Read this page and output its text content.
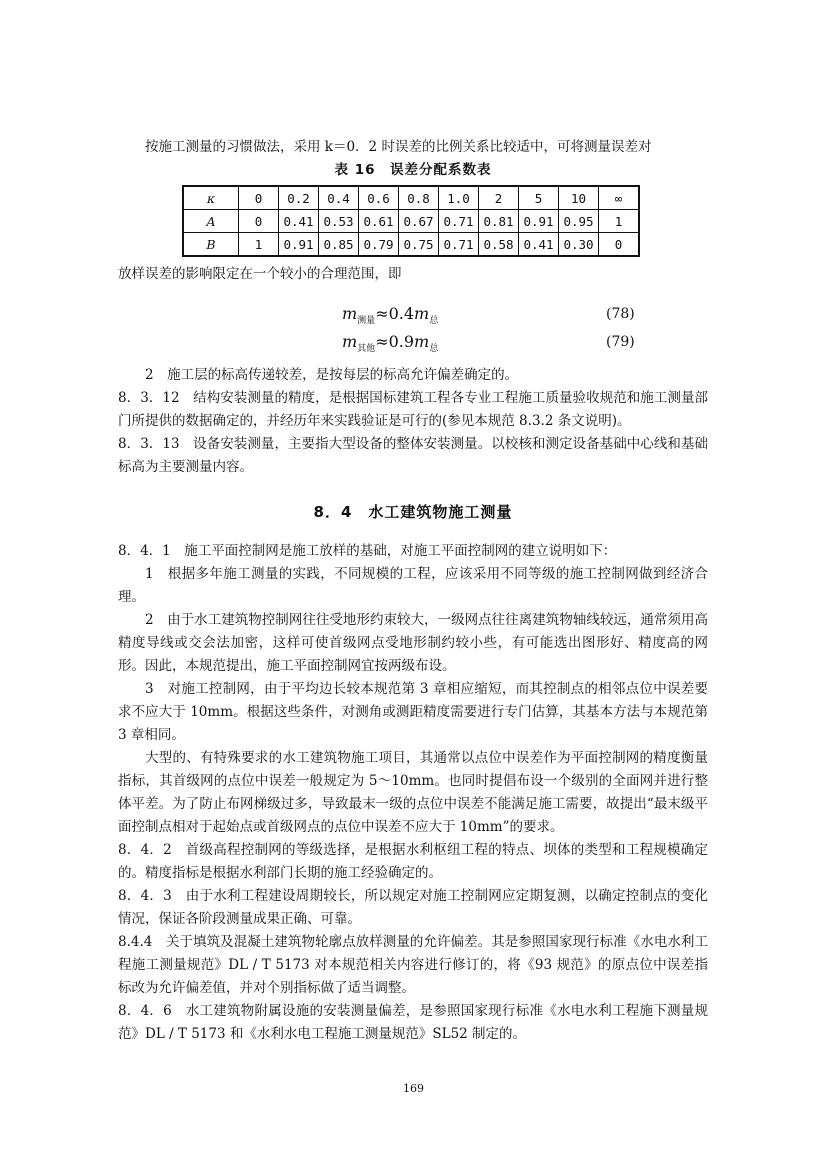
按施工测量的习惯做法，采用 k＝0．2 时误差的比例关系比较适中，可将测量误差对

表 16　误差分配系数表

κ	0	0.2	0.4	0.6	0.8	1.0	2	5	10	∞
A	0	0.41	0.53	0.61	0.67	0.71	0.81	0.91	0.95	1
B	1	0.91	0.85	0.79	0.75	0.71	0.58	0.41	0.30	0

放样误差的影响限定在一个较小的合理范围，即

$m_{测量}\approx 0.4m_总$	(78)
$m_{其他}\approx 0.9m_总$	(79)

2　施工层的标高传递较差，是按每层的标高允许偏差确定的。

8．3．12　结构安装测量的精度，是根据国标建筑工程各专业工程施工质量验收规范和施工测量部门所提供的数据确定的，并经历年来实践验证是可行的(参见本规范 8.3.2 条文说明)。

8．3．13　设备安装测量，主要指大型设备的整体安装测量。以校核和测定设备基础中心线和基础标高为主要测量内容。

8．4　水工建筑物施工测量

8．4．1　施工平面控制网是施工放样的基础，对施工平面控制网的建立说明如下：

1　根据多年施工测量的实践，不同规模的工程，应该采用不同等级的施工控制网做到经济合理。

2　由于水工建筑物控制网往往受地形约束较大，一级网点往往离建筑物轴线较远，通常须用高精度导线或交会法加密，这样可使首级网点受地形制约较小些，有可能选出图形好、精度高的网形。因此，本规范提出，施工平面控制网宜按两级布设。

3　对施工控制网，由于平均边长较本规范第 3 章相应缩短，而其控制点的相邻点位中误差要求不应大于 10mm。根据这些条件，对测角或测距精度需要进行专门估算，其基本方法与本规范第 3 章相同。

大型的、有特殊要求的水工建筑物施工项目，其通常以点位中误差作为平面控制网的精度衡量指标，其首级网的点位中误差一般规定为 5～10mm。也同时提倡布设一个级别的全面网并进行整体平差。为了防止布网梯级过多，导致最末一级的点位中误差不能满足施工需要，故提出“最末级平面控制点相对于起始点或首级网点的点位中误差不应大于 10mm”的要求。

8．4．2　首级高程控制网的等级选择，是根据水利枢纽工程的特点、坝体的类型和工程规模确定的。精度指标是根据水利部门长期的施工经验确定的。

8．4．3　由于水利工程建设周期较长，所以规定对施工控制网应定期复测，以确定控制点的变化情况，保证各阶段测量成果正确、可靠。

8.4.4　关于填筑及混凝土建筑物轮廓点放样测量的允许偏差。其是参照国家现行标准《水电水利工程施工测量规范》DL / T 5173 对本规范相关内容进行修订的，将《93 规范》的原点位中误差指标改为允许偏差值，并对个别指标做了适当调整。

8．4．6　水工建筑物附属设施的安装测量偏差，是参照国家现行标准《水电水利工程施下测量规范》DL / T 5173 和《水利水电工程施工测量规范》SL52 制定的。

169
